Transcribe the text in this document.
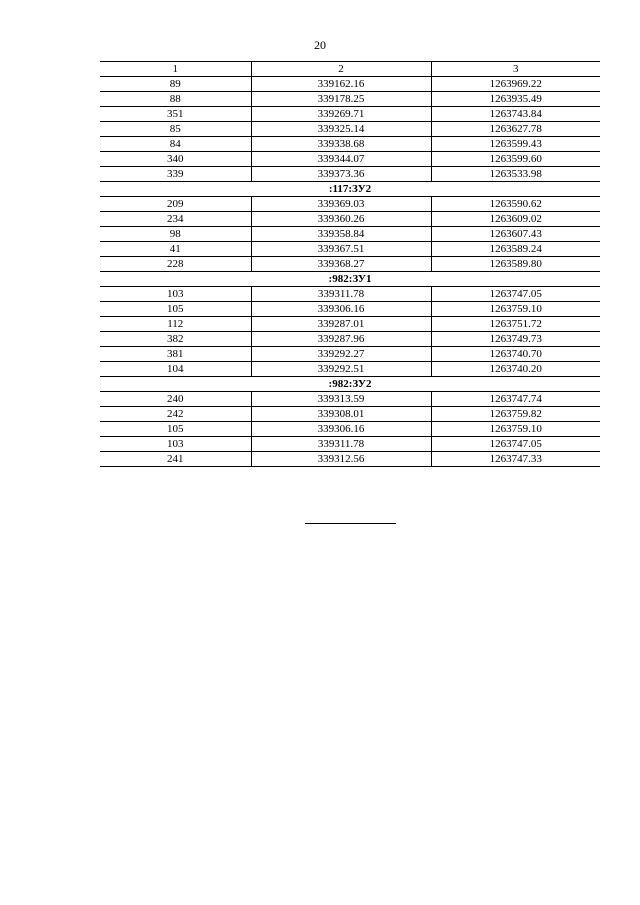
20
1	2	3
89	339162.16	1263969.22
88	339178.25	1263935.49
351	339269.71	1263743.84
85	339325.14	1263627.78
84	339338.68	1263599.43
340	339344.07	1263599.60
339	339373.36	1263533.98
:117:ЗУ2		
209	339369.03	1263590.62
234	339360.26	1263609.02
98	339358.84	1263607.43
41	339367.51	1263589.24
228	339368.27	1263589.80
:982:ЗУ1		
103	339311.78	1263747.05
105	339306.16	1263759.10
112	339287.01	1263751.72
382	339287.96	1263749.73
381	339292.27	1263740.70
104	339292.51	1263740.20
:982:ЗУ2		
240	339313.59	1263747.74
242	339308.01	1263759.82
105	339306.16	1263759.10
103	339311.78	1263747.05
241	339312.56	1263747.33
